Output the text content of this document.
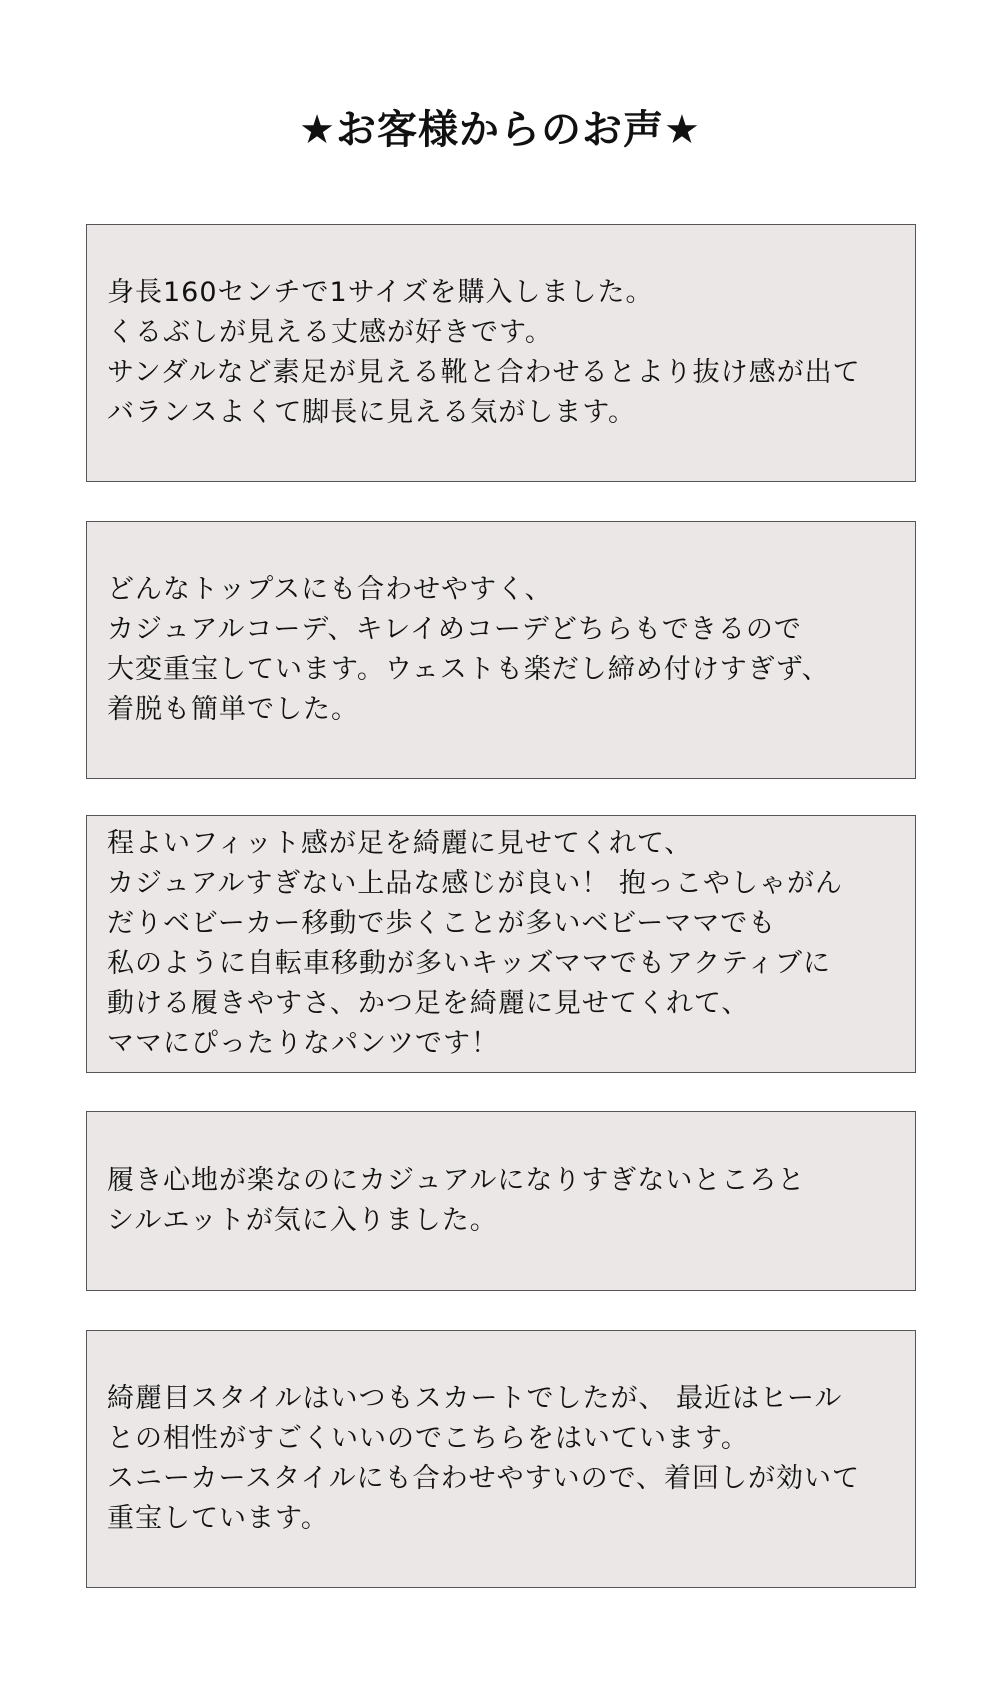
★お客様からのお声★

身長160センチで1サイズを購入しました。
くるぶしが見える丈感が好きです。
サンダルなど素足が見える靴と合わせるとより抜け感が出て
バランスよくて脚長に見える気がします。

どんなトップスにも合わせやすく、
カジュアルコーデ、キレイめコーデどちらもできるので
大変重宝しています。ウェストも楽だし締め付けすぎず、
着脱も簡単でした。

程よいフィット感が足を綺麗に見せてくれて、
カジュアルすぎない上品な感じが良い！ 抱っこやしゃがん
だりベビーカー移動で歩くことが多いベビーママでも
私のように自転車移動が多いキッズママでもアクティブに
動ける履きやすさ、かつ足を綺麗に見せてくれて、
ママにぴったりなパンツです！

履き心地が楽なのにカジュアルになりすぎないところと
シルエットが気に入りました。

綺麗目スタイルはいつもスカートでしたが、 最近はヒール
との相性がすごくいいのでこちらをはいています。
スニーカースタイルにも合わせやすいので、着回しが効いて
重宝しています。
